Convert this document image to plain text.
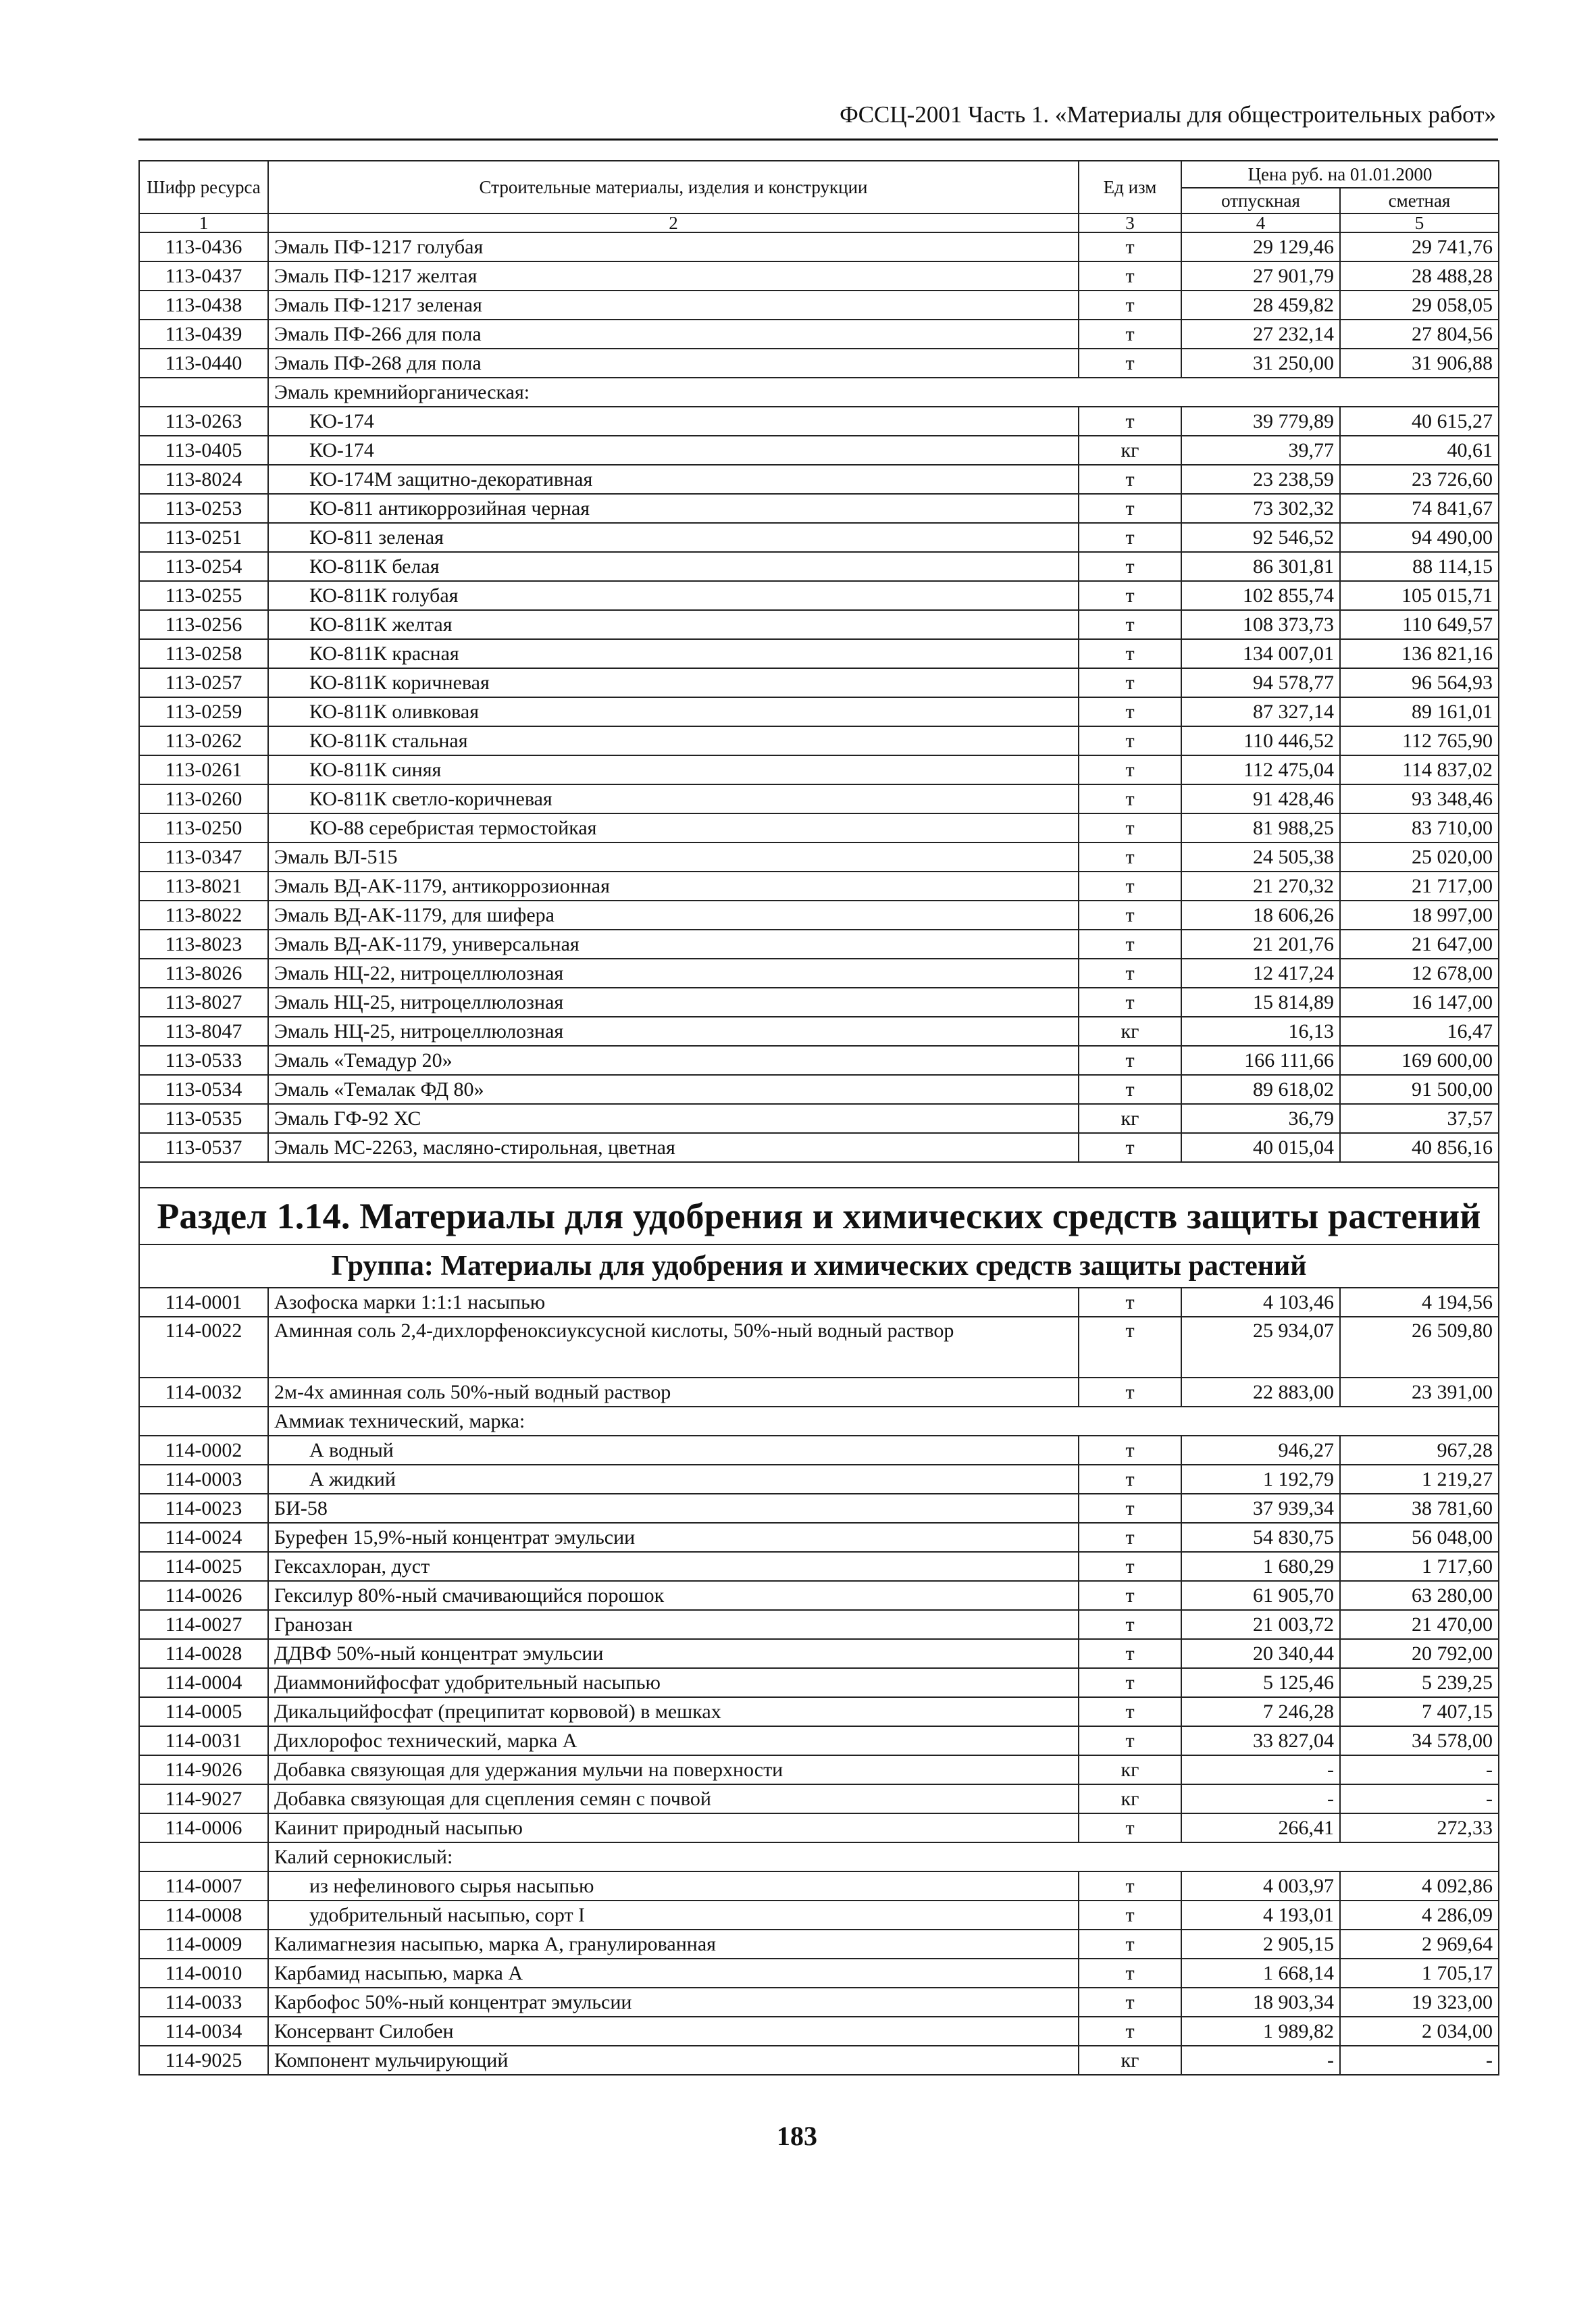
ФССЦ-2001 Часть 1. «Материалы для общестроительных работ»
Шифр ресурса	Строительные материалы, изделия и конструкции	Ед изм	Цена руб. на 01.01.2000	
			отпускная	сметная
1	2	3	4	5
113-0436	Эмаль ПФ-1217 голубая	т	29 129,46	29 741,76
113-0437	Эмаль ПФ-1217 желтая	т	27 901,79	28 488,28
113-0438	Эмаль ПФ-1217 зеленая	т	28 459,82	29 058,05
113-0439	Эмаль ПФ-266 для пола	т	27 232,14	27 804,56
113-0440	Эмаль ПФ-268 для пола	т	31 250,00	31 906,88
	Эмаль кремнийорганическая:			
113-0263	КО-174	т	39 779,89	40 615,27
113-0405	КО-174	кг	39,77	40,61
113-8024	КО-174М защитно-декоративная	т	23 238,59	23 726,60
113-0253	КО-811 антикоррозийная черная	т	73 302,32	74 841,67
113-0251	КО-811 зеленая	т	92 546,52	94 490,00
113-0254	КО-811К белая	т	86 301,81	88 114,15
113-0255	КО-811К голубая	т	102 855,74	105 015,71
113-0256	КО-811К желтая	т	108 373,73	110 649,57
113-0258	КО-811К красная	т	134 007,01	136 821,16
113-0257	КО-811К коричневая	т	94 578,77	96 564,93
113-0259	КО-811К оливковая	т	87 327,14	89 161,01
113-0262	КО-811К стальная	т	110 446,52	112 765,90
113-0261	КО-811К синяя	т	112 475,04	114 837,02
113-0260	КО-811К светло-коричневая	т	91 428,46	93 348,46
113-0250	КО-88 серебристая термостойкая	т	81 988,25	83 710,00
113-0347	Эмаль ВЛ-515	т	24 505,38	25 020,00
113-8021	Эмаль ВД-АК-1179, антикоррозионная	т	21 270,32	21 717,00
113-8022	Эмаль ВД-АК-1179, для шифера	т	18 606,26	18 997,00
113-8023	Эмаль ВД-АК-1179, универсальная	т	21 201,76	21 647,00
113-8026	Эмаль НЦ-22, нитроцеллюлозная	т	12 417,24	12 678,00
113-8027	Эмаль НЦ-25, нитроцеллюлозная	т	15 814,89	16 147,00
113-8047	Эмаль НЦ-25, нитроцеллюлозная	кг	16,13	16,47
113-0533	Эмаль «Темадур 20»	т	166 111,66	169 600,00
113-0534	Эмаль «Темалак ФД 80»	т	89 618,02	91 500,00
113-0535	Эмаль ГФ-92 ХС	кг	36,79	37,57
113-0537	Эмаль МС-2263, масляно-стирольная, цветная	т	40 015,04	40 856,16

Раздел 1.14. Материалы для удобрения и химических средств защиты растений				
Группа: Материалы для удобрения и химических средств защиты растений				
114-0001	Азофоска марки 1:1:1 насыпью	т	4 103,46	4 194,56
114-0022	Аминная соль 2,4-дихлорфеноксиуксусной кислоты, 50%-ный водный раствор	т	25 934,07	26 509,80
114-0032	2м-4х аминная соль 50%-ный водный раствор	т	22 883,00	23 391,00
	Аммиак технический, марка:			
114-0002	А водный	т	946,27	967,28
114-0003	А жидкий	т	1 192,79	1 219,27
114-0023	БИ-58	т	37 939,34	38 781,60
114-0024	Бурефен 15,9%-ный концентрат эмульсии	т	54 830,75	56 048,00
114-0025	Гексахлоран, дуст	т	1 680,29	1 717,60
114-0026	Гексилур 80%-ный смачивающийся порошок	т	61 905,70	63 280,00
114-0027	Гранозан	т	21 003,72	21 470,00
114-0028	ДДВФ 50%-ный концентрат эмульсии	т	20 340,44	20 792,00
114-0004	Диаммонийфосфат удобрительный насыпью	т	5 125,46	5 239,25
114-0005	Дикальцийфосфат (преципитат корвовой) в мешках	т	7 246,28	7 407,15
114-0031	Дихлорофос технический, марка А	т	33 827,04	34 578,00
114-9026	Добавка связующая для удержания мульчи на поверхности	кг	-	-
114-9027	Добавка связующая для сцепления семян с почвой	кг	-	-
114-0006	Каинит природный насыпью	т	266,41	272,33
	Калий сернокислый:			
114-0007	из нефелинового сырья насыпью	т	4 003,97	4 092,86
114-0008	удобрительный насыпью, сорт I	т	4 193,01	4 286,09
114-0009	Калимагнезия насыпью, марка А, гранулированная	т	2 905,15	2 969,64
114-0010	Карбамид насыпью, марка А	т	1 668,14	1 705,17
114-0033	Карбофос 50%-ный концентрат эмульсии	т	18 903,34	19 323,00
114-0034	Консервант Силобен	т	1 989,82	2 034,00
114-9025	Компонент мульчирующий	кг	-	-
183
